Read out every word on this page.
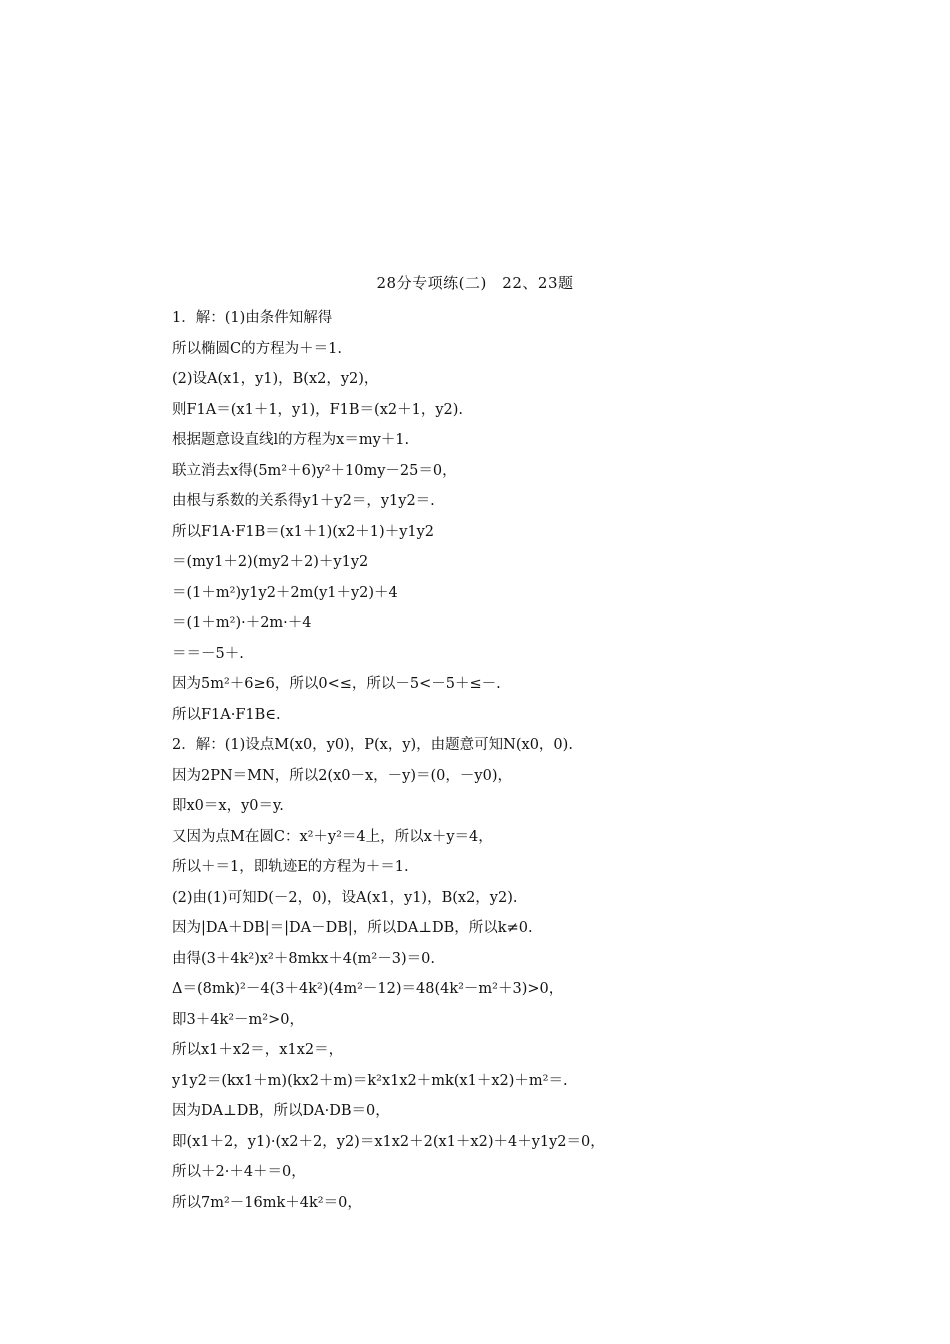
28分专项练(二)　22、23题
1．解：(1)由条件知解得
所以椭圆C的方程为＋＝1.
(2)设A(x1，y1)，B(x2，y2)，
则F1A＝(x1＋1，y1)，F1B＝(x2＋1，y2).
根据题意设直线l的方程为x＝my＋1.
联立消去x得(5m²＋6)y²＋10my－25＝0，
由根与系数的关系得y1＋y2＝，y1y2＝.
所以F1A·F1B＝(x1＋1)(x2＋1)＋y1y2
＝(my1＋2)(my2＋2)＋y1y2
＝(1＋m²)y1y2＋2m(y1＋y2)＋4
＝(1＋m²)·＋2m·＋4
＝＝－5＋.
因为5m²＋6≥6，所以0<≤，所以－5<－5＋≤－.
所以F1A·F1B∈.
2．解：(1)设点M(x0，y0)，P(x，y)，由题意可知N(x0，0).
因为2PN＝MN，所以2(x0－x，－y)＝(0，－y0)，
即x0＝x，y0＝y.
又因为点M在圆C：x²＋y²＝4上，所以x＋y＝4，
所以＋＝1，即轨迹E的方程为＋＝1.
(2)由(1)可知D(－2，0)，设A(x1，y1)，B(x2，y2).
因为|DA＋DB|＝|DA－DB|，所以DA⊥DB，所以k≠0.
由得(3＋4k²)x²＋8mkx＋4(m²－3)＝0.
Δ＝(8mk)²－4(3＋4k²)(4m²－12)＝48(4k²－m²＋3)>0，
即3＋4k²－m²>0，
所以x1＋x2＝，x1x2＝，
y1y2＝(kx1＋m)(kx2＋m)＝k²x1x2＋mk(x1＋x2)＋m²＝.
因为DA⊥DB，所以DA·DB＝0，
即(x1＋2，y1)·(x2＋2，y2)＝x1x2＋2(x1＋x2)＋4＋y1y2＝0，
所以＋2·＋4＋＝0，
所以7m²－16mk＋4k²＝0，
